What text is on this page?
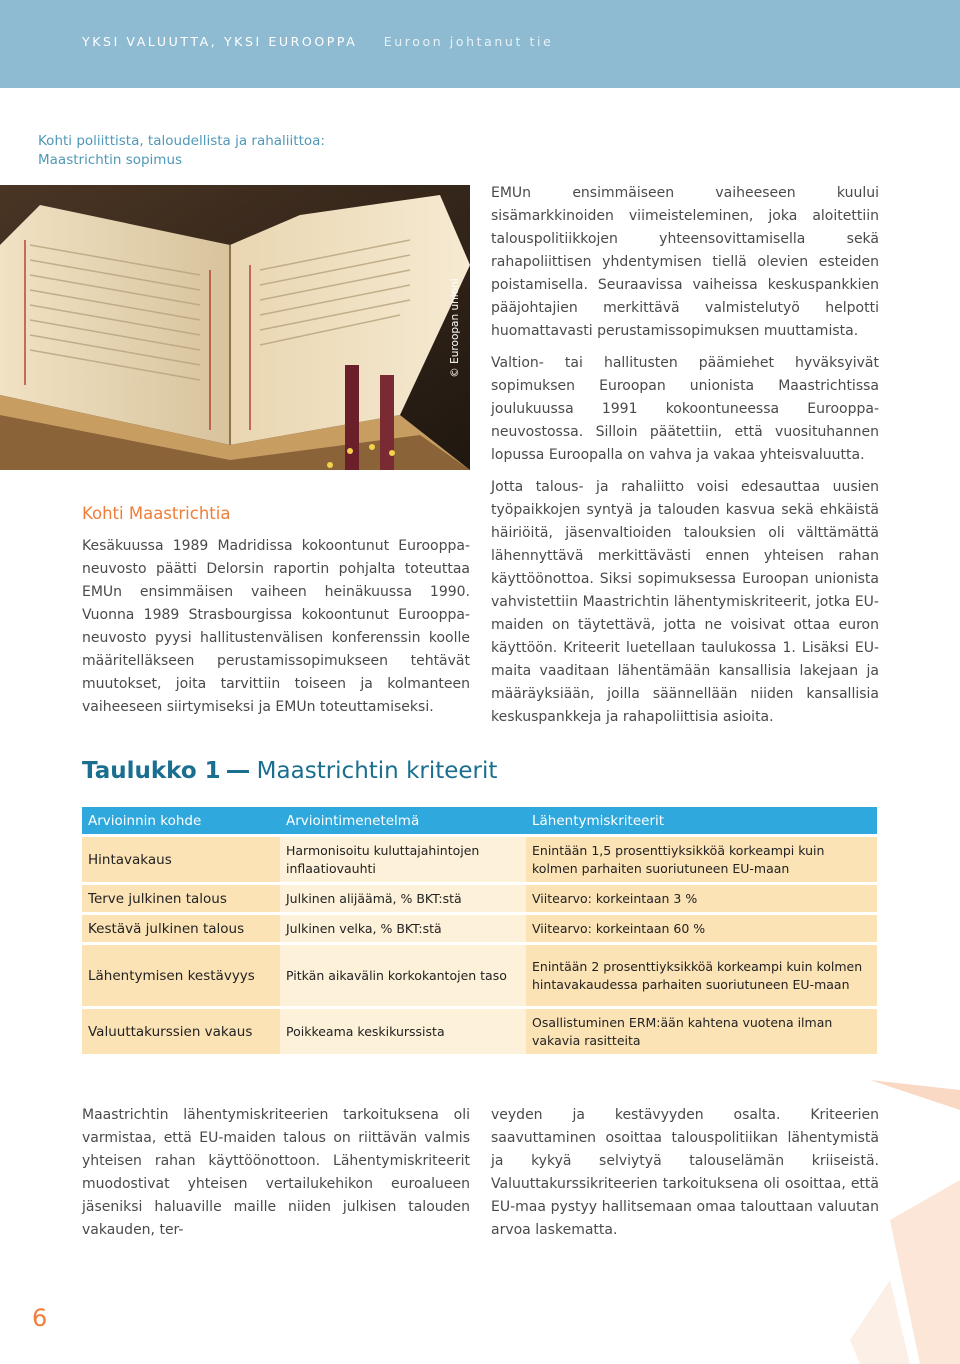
YKSI VALUUTTA, YKSI EUROOPPA Euroon johtanut tie
Kohti poliittista, taloudellista ja rahaliittoa: Maastrichtin sopimus
© Euroopan unioni
Kohti Maastrichtia

Kesäkuussa 1989 Madridissa kokoontunut Eurooppa-neuvosto päätti Delorsin raportin pohjalta toteuttaa EMUn ensimmäisen vaiheen heinäkuussa 1990. Vuonna 1989 Strasbourgissa kokoontunut Eurooppa-neuvosto pyysi hallitustenvälisen konferenssin koolle määritelläkseen perustamissopimukseen tehtävät muutokset, joita tarvittiin toiseen ja kolmanteen vaiheeseen siirtymiseksi ja EMUn toteuttamiseksi.

EMUn ensimmäiseen vaiheeseen kuului sisämarkkinoiden viimeisteleminen, joka aloitettiin talouspolitiikkojen yhteensovittamisella sekä rahapoliittisen yhdentymisen tiellä olevien esteiden poistamisella. Seuraavissa vaiheissa keskuspankkien pääjohtajien merkittävä valmistelutyö helpotti huomattavasti perustamissopimuksen muuttamista.

Valtion- tai hallitusten päämiehet hyväksyivät sopimuksen Euroopan unionista Maastrichtissa joulukuussa 1991 kokoontuneessa Eurooppa-neuvostossa. Silloin päätettiin, että vuosituhannen lopussa Euroopalla on vahva ja vakaa yhteisvaluutta.

Jotta talous- ja rahaliitto voisi edesauttaa uusien työpaikkojen syntyä ja talouden kasvua sekä ehkäistä häiriöitä, jäsenvaltioiden talouksien oli välttämättä lähennyttävä merkittävästi ennen yhteisen rahan käyttöönottoa. Siksi sopimuksessa Euroopan unionista vahvistettiin Maastrichtin lähentymiskriteerit, jotka EU-maiden on täytettävä, jotta ne voisivat ottaa euron käyttöön. Kriteerit luetellaan taulukossa 1. Lisäksi EU-maita vaaditaan lähentämään kansallisia lakejaan ja määräyksiään, joilla säännellään niiden kansallisia keskuspankkeja ja rahapoliittisia asioita.

Taulukko 1 Maastrichtin kriteerit
Arvioinnin kohde	Arviointimenetelmä	Lähentymiskriteerit
Hintavakaus	Harmonisoitu kuluttajahintojen inflaatiovauhti	Enintään 1,5 prosenttiyksikköä korkeampi kuin kolmen parhaiten suoriutuneen EU-maan
Terve julkinen talous	Julkinen alijäämä, % BKT:stä	Viitearvo: korkeintaan 3 %
Kestävä julkinen talous	Julkinen velka, % BKT:stä	Viitearvo: korkeintaan 60 %
Lähentymisen kestävyys	Pitkän aikavälin korkokantojen taso	Enintään 2 prosenttiyksikköä korkeampi kuin kolmen hintavakaudessa parhaiten suoriutuneen EU-maan
Valuuttakurssien vakaus	Poikkeama keskikurssista	Osallistuminen ERM:ään kahtena vuotena ilman vakavia rasitteita

Maastrichtin lähentymiskriteerien tarkoituksena oli varmistaa, että EU-maiden talous on riittävän valmis yhteisen rahan käyttöönottoon. Lähentymiskriteerit muodostivat yhteisen vertailukehikon euroalueen jäseniksi haluaville maille niiden julkisen talouden vakauden, ter-

veyden ja kestävyyden osalta. Kriteerien saavuttaminen osoittaa talouspolitiikan lähentymistä ja kykyä selviytyä talouselämän kriiseistä. Valuuttakurssikriteerien tarkoituksena oli osoittaa, että EU-maa pystyy hallitsemaan omaa talouttaan valuutan arvoa laskematta.

6
